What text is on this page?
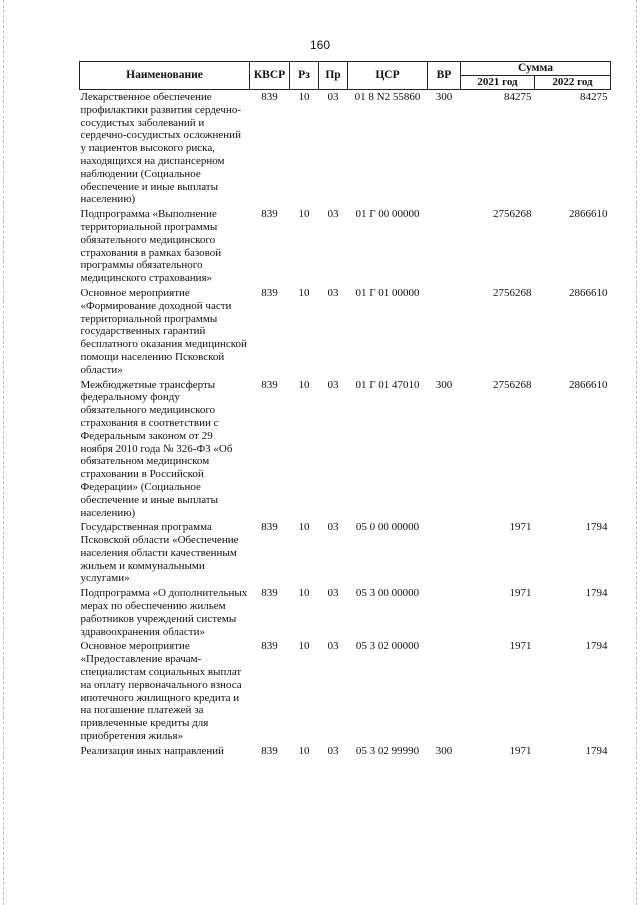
160
Наименование	КВСР	Рз	Пр	ЦСР	ВР	Сумма	
						2021 год	2022 год
Лекарственное обеспечение профилактики развития сердечно-сосудистых заболеваний и сердечно-сосудистых осложнений у пациентов высокого риска, находящихся на диспансерном наблюдении (Социальное обеспечение и иные выплаты населению)	839	10	03	01 8 N2 55860	300	84275	84275
Подпрограмма «Выполнение территориальной программы обязательного медицинского страхования в рамках базовой программы обязательного медицинского страхования»	839	10	03	01 Г 00 00000		2756268	2866610
Основное мероприятие «Формирование доходной части территориальной программы государственных гарантий бесплатного оказания медицинской помощи населению Псковской области»	839	10	03	01 Г 01 00000		2756268	2866610
Межбюджетные трансферты федеральному фонду обязательного медицинского страхования в соответствии с Федеральным законом от 29 ноября 2010 года № 326-ФЗ «Об обязательном медицинском страховании в Российской Федерации» (Социальное обеспечение и иные выплаты населению)	839	10	03	01 Г 01 47010	300	2756268	2866610
Государственная программа Псковской области «Обеспечение населения области качественным жильем и коммунальными услугами»	839	10	03	05 0 00 00000		1971	1794
Подпрограмма «О дополнительных мерах по обеспечению жильем работников учреждений системы здравоохранения области»	839	10	03	05 3 00 00000		1971	1794
Основное мероприятие «Предоставление врачам-специалистам социальных выплат на оплату первоначального взноса ипотечного жилищного кредита и на погашение платежей за привлеченные кредиты для приобретения жилья»	839	10	03	05 3 02 00000		1971	1794
Реализация иных направлений	839	10	03	05 3 02 99990	300	1971	1794
